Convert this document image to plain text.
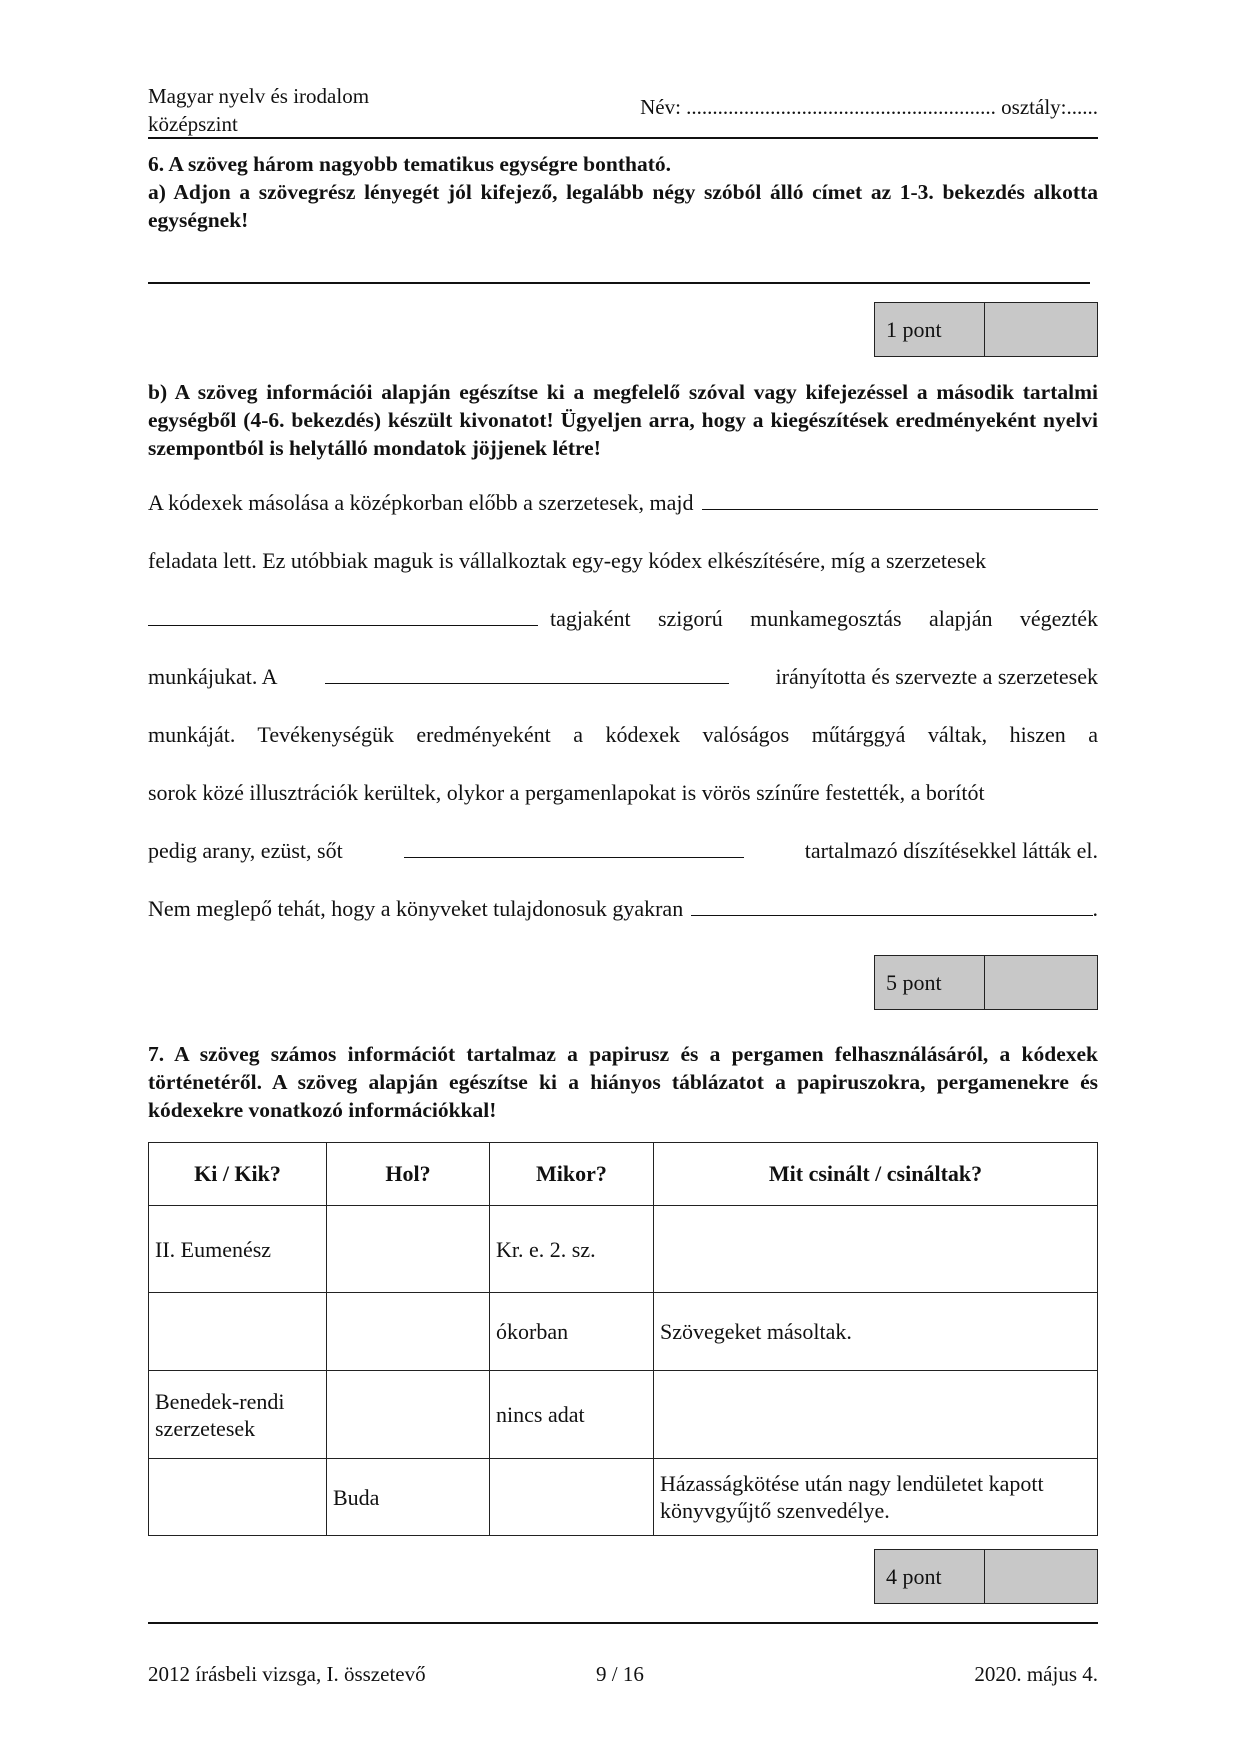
Magyar nyelv és irodalom
középszint
Név: ........................................................... osztály:......
6. A szöveg három nagyobb tematikus egységre bontható.
a) Adjon a szövegrész lényegét jól kifejező, legalább négy szóból álló címet az 1-3. bekezdés alkotta egységnek!
1 pont
b) A szöveg információi alapján egészítse ki a megfelelő szóval vagy kifejezéssel a második tartalmi egységből (4-6. bekezdés) készült kivonatot! Ügyeljen arra, hogy a kiegészítések eredményeként nyelvi szempontból is helytálló mondatok jöjjenek létre!
A kódexek másolása a középkorban előbb a szerzetesek, majd
feladata lett. Ez utóbbiak maguk is vállalkoztak egy-egy kódex elkészítésére, míg a szerzetesek
tagjaként szigorú munkamegosztás alapján végezték
munkájukat. A	irányította és szervezte a szerzetesek
munkáját. Tevékenységük eredményeként a kódexek valóságos műtárggyá váltak, hiszen a
sorok közé illusztrációk kerültek, olykor a pergamenlapokat is vörös színűre festették, a borítót
pedig arany, ezüst, sőt	tartalmazó díszítésekkel látták el.
Nem meglepő tehát, hogy a könyveket tulajdonosuk gyakran	.
5 pont
7. A szöveg számos információt tartalmaz a papirusz és a pergamen felhasználásáról, a kódexek történetéről. A szöveg alapján egészítse ki a hiányos táblázatot a papiruszokra, pergamenekre és kódexekre vonatkozó információkkal!
Ki / Kik?	Hol?	Mikor?	Mit csinált / csináltak?
II. Eumenész		Kr. e. 2. sz.	
		ókorban	Szövegeket másoltak.
Benedek-rendi szerzetesek		nincs adat	
	Buda		Házasságkötése után nagy lendületet kapott könyvgyűjtő szenvedélye.
4 pont
2012 írásbeli vizsga, I. összetevő	9 / 16	2020. május 4.
